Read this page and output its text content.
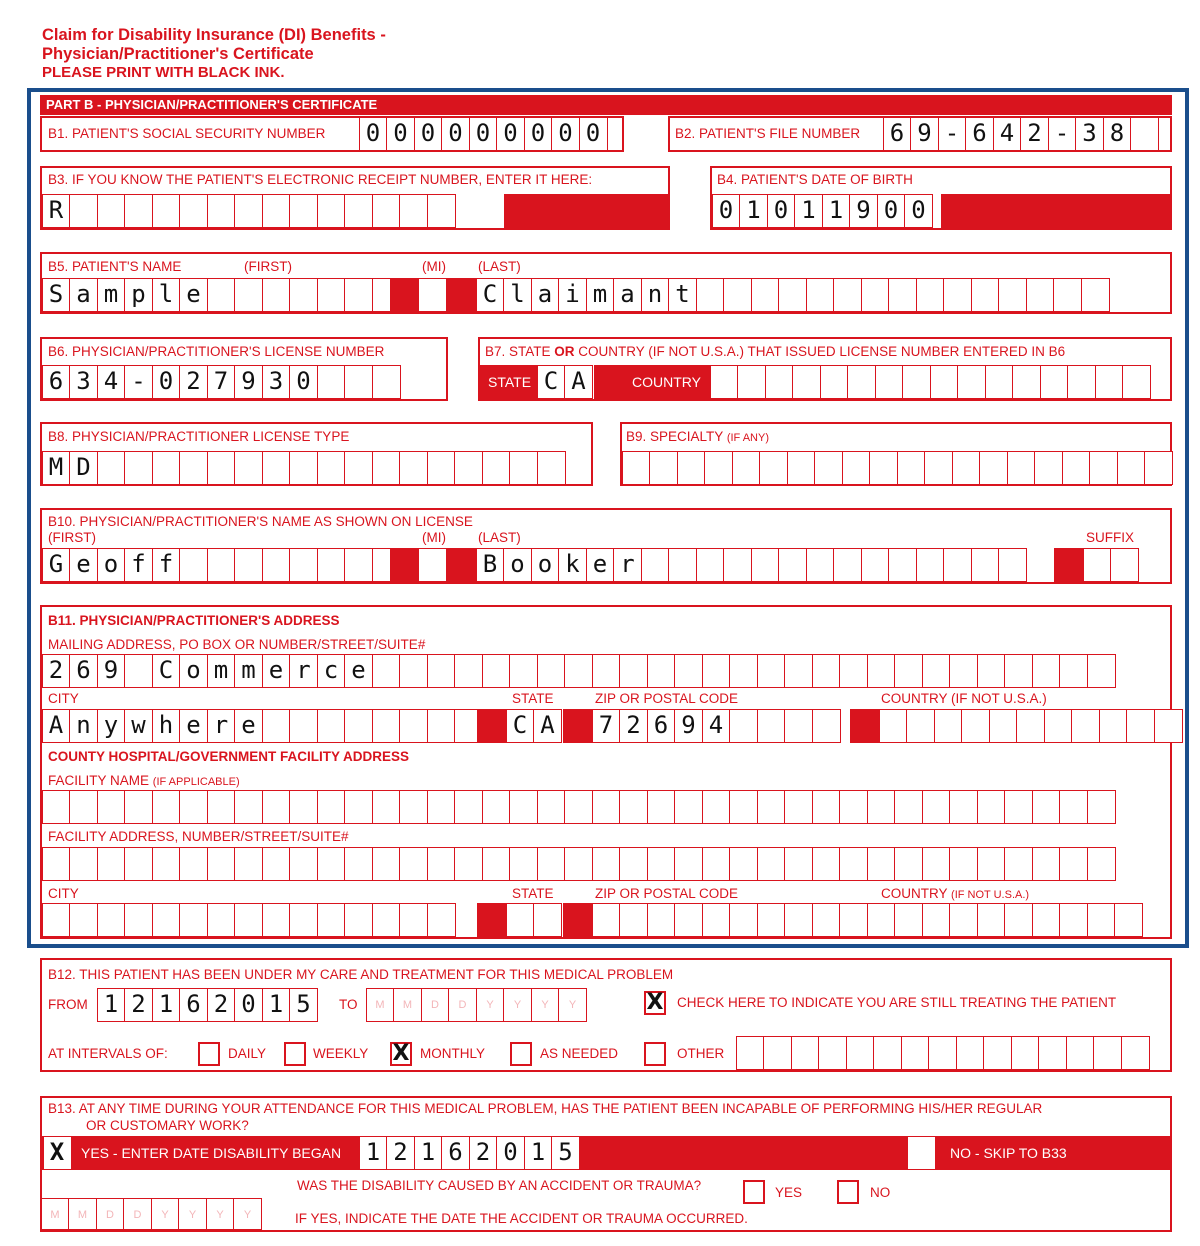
Claim for Disability Insurance (DI) Benefits -
Physician/Practitioner's Certificate
PLEASE PRINT WITH BLACK INK.
PART B - PHYSICIAN/PRACTITIONER'S CERTIFICATE
B1. PATIENT'S SOCIAL SECURITY NUMBER	0 0 0 0 0 0 0 0 0	B2. PATIENT'S FILE NUMBER	6 9 - 6 4 2 - 3 8
B3. IF YOU KNOW THE PATIENT'S ELECTRONIC RECEIPT NUMBER, ENTER IT HERE:
R
B4. PATIENT'S DATE OF BIRTH
0 1 0 1 1 9 0 0
B5. PATIENT'S NAME	(FIRST)	(MI) (LAST)
S a m p l e	C l a i m a n t
B6. PHYSICIAN/PRACTITIONER'S LICENSE NUMBER
6 3 4 - 0 2 7 9 3 0
B7. STATE OR COUNTRY (IF NOT U.S.A.) THAT ISSUED LICENSE NUMBER ENTERED IN B6
STATE C A	COUNTRY
B8. PHYSICIAN/PRACTITIONER LICENSE TYPE
M D
B9. SPECIALTY (IF ANY)
B10. PHYSICIAN/PRACTITIONER'S NAME AS SHOWN ON LICENSE
(FIRST)	(MI) (LAST)	SUFFIX
G e o f f	B o o k e r
B11. PHYSICIAN/PRACTITIONER'S ADDRESS
MAILING ADDRESS, PO BOX OR NUMBER/STREET/SUITE#
2 6 9	C o m m e r c e
CITY	STATE	ZIP OR POSTAL CODE	COUNTRY (IF NOT U.S.A.)
A n y w h e r e	C A	7 2 6 9 4
COUNTY HOSPITAL/GOVERNMENT FACILITY ADDRESS
FACILITY NAME (IF APPLICABLE)
FACILITY ADDRESS, NUMBER/STREET/SUITE#
CITY	STATE	ZIP OR POSTAL CODE	COUNTRY (IF NOT U.S.A.)
B12. THIS PATIENT HAS BEEN UNDER MY CARE AND TREATMENT FOR THIS MEDICAL PROBLEM
FROM 1 2 1 6 2 0 1 5	TO	M	M	D	D	Y	Y	Y	Y	X CHECK HERE TO INDICATE YOU ARE STILL TREATING THE PATIENT
AT INTERVALS OF:	DAILY	WEEKLY X MONTHLY	AS NEEDED	OTHER
B13. AT ANY TIME DURING YOUR ATTENDANCE FOR THIS MEDICAL PROBLEM, HAS THE PATIENT BEEN INCAPABLE OF PERFORMING HIS/HER REGULAR
OR CUSTOMARY WORK?
X	YES - ENTER DATE DISABILITY BEGAN	1 2 1 6 2 0 1 5	NO - SKIP TO B33
M	M	D	D	Y	Y	Y	Y
WAS THE DISABILITY CAUSED BY AN ACCIDENT OR TRAUMA?	YES	NO
IF YES, INDICATE THE DATE THE ACCIDENT OR TRAUMA OCCURRED.
